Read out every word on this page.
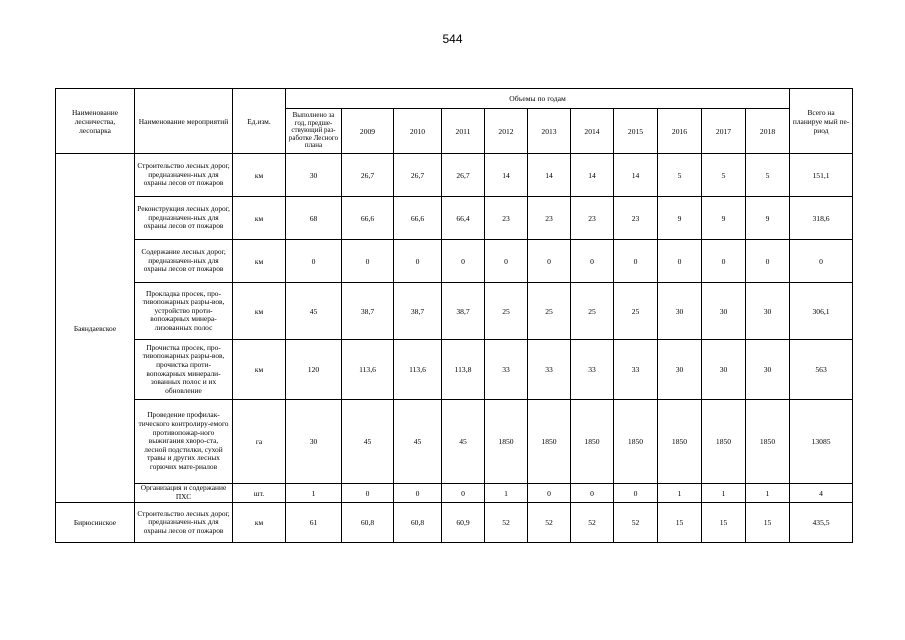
544
Наименование лесничества, лесопарка	Наименование мероприятий	Ед.изм.	Объемы по годам											Всего на планируе мый пе-риод
			Выполнено за год, предше-ствующий раз-работке Лесного плана	2009	2010	2011	2012	2013	2014	2015	2016	2017	2018	
Баяндаевское	Строительство лесных дорог, предназначен-ных для охраны лесов от пожаров	км	30	26,7	26,7	26,7	14	14	14	14	5	5	5	151,1
	Реконструкция лесных дорог, предназначен-ных для охраны лесов от пожаров	км	68	66,6	66,6	66,4	23	23	23	23	9	9	9	318,6
	Содержание лесных дорог, предназначен-ных для охраны лесов от пожаров	км	0	0	0	0	0	0	0	0	0	0	0	0
	Прокладка просек, про-тивопожарных разры-вов, устройство проти-вопожарных минера-лизованных полос	км	45	38,7	38,7	38,7	25	25	25	25	30	30	30	306,1
	Прочистка просек, про-тивопожарных разры-вов, прочистка проти-вопожарных минерали-зованных полос и их обновление	км	120	113,6	113,6	113,8	33	33	33	33	30	30	30	563
	Проведение профилак-тического контролиру-емого противопожар-ного выжигания хворо-ста, лесной подстилки, сухой травы и других лесных горючих мате-риалов	га	30	45	45	45	1850	1850	1850	1850	1850	1850	1850	13085
	Организация и содержание ПХС	шт.	1	0	0	0	1	0	0	0	1	1	1	4
Бирюсинское	Строительство лесных дорог, предназначен-ных для охраны лесов от пожаров	км	61	60,8	60,8	60,9	52	52	52	52	15	15	15	435,5
